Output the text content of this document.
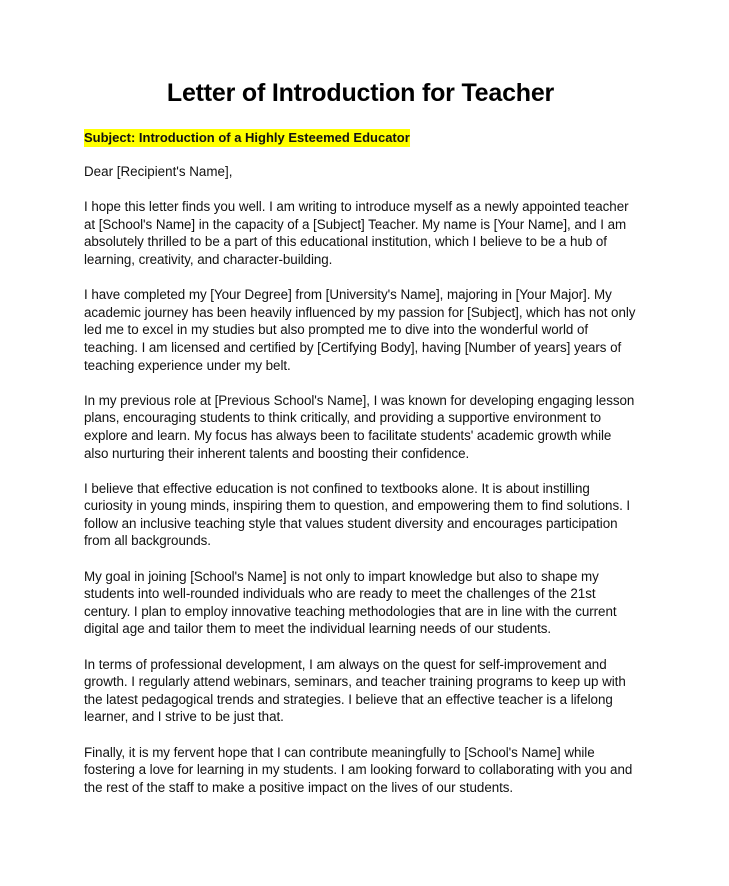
Letter of Introduction for Teacher
Subject: Introduction of a Highly Esteemed Educator

Dear [Recipient's Name],

I hope this letter finds you well. I am writing to introduce myself as a newly appointed teacher at [School's Name] in the capacity of a [Subject] Teacher. My name is [Your Name], and I am absolutely thrilled to be a part of this educational institution, which I believe to be a hub of learning, creativity, and character-building.

I have completed my [Your Degree] from [University's Name], majoring in [Your Major]. My academic journey has been heavily influenced by my passion for [Subject], which has not only led me to excel in my studies but also prompted me to dive into the wonderful world of teaching. I am licensed and certified by [Certifying Body], having [Number of years] years of teaching experience under my belt.

In my previous role at [Previous School's Name], I was known for developing engaging lesson plans, encouraging students to think critically, and providing a supportive environment to explore and learn. My focus has always been to facilitate students' academic growth while also nurturing their inherent talents and boosting their confidence.

I believe that effective education is not confined to textbooks alone. It is about instilling curiosity in young minds, inspiring them to question, and empowering them to find solutions. I follow an inclusive teaching style that values student diversity and encourages participation from all backgrounds.

My goal in joining [School's Name] is not only to impart knowledge but also to shape my students into well-rounded individuals who are ready to meet the challenges of the 21st century. I plan to employ innovative teaching methodologies that are in line with the current digital age and tailor them to meet the individual learning needs of our students.

In terms of professional development, I am always on the quest for self-improvement and growth. I regularly attend webinars, seminars, and teacher training programs to keep up with the latest pedagogical trends and strategies. I believe that an effective teacher is a lifelong learner, and I strive to be just that.

Finally, it is my fervent hope that I can contribute meaningfully to [School's Name] while fostering a love for learning in my students. I am looking forward to collaborating with you and the rest of the staff to make a positive impact on the lives of our students.
